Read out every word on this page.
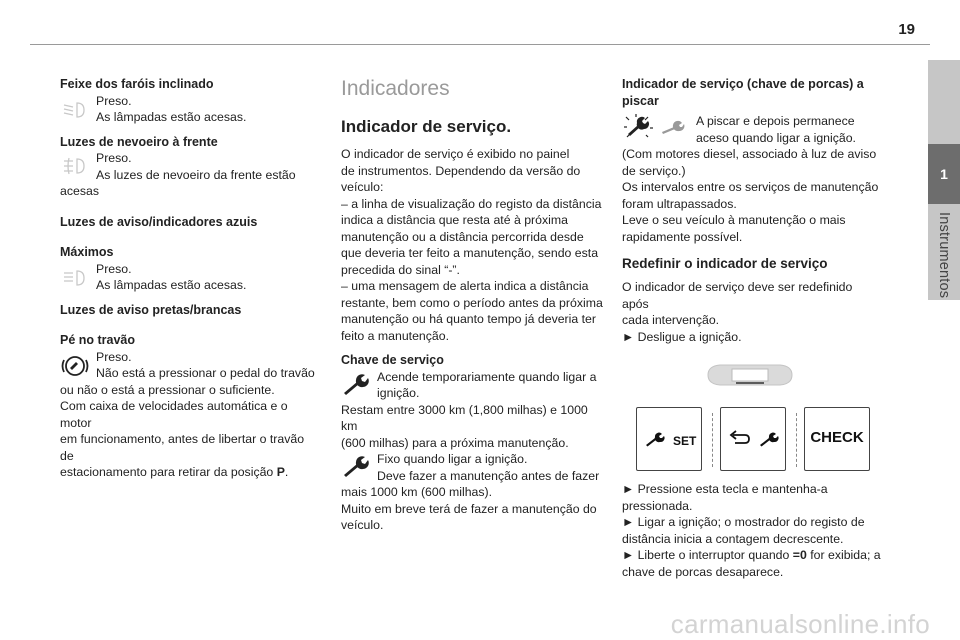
19
1
Instrumentos
Feixe dos faróis inclinado
Preso.
As lâmpadas estão acesas.
Luzes de nevoeiro à frente
Preso.
As luzes de nevoeiro da frente estão
acesas
Luzes de aviso/indicadores azuis
Máximos
Preso.
As lâmpadas estão acesas.
Luzes de aviso pretas/brancas
Pé no travão
Preso.
Não está a pressionar o pedal do travão
ou não o está a pressionar o suficiente.
Com caixa de velocidades automática e o motor
em funcionamento, antes de libertar o travão de
estacionamento para retirar da posição P.
Indicadores
Indicador de serviço.
O indicador de serviço é exibido no painel
de instrumentos. Dependendo da versão do
veículo:
– a linha de visualização do registo da distância
indica a distância que resta até à próxima
manutenção ou a distância percorrida desde
que deveria ter feito a manutenção, sendo esta
precedida do sinal “-”.
– uma mensagem de alerta indica a distância
restante, bem como o período antes da próxima
manutenção ou há quanto tempo já deveria ter
feito a manutenção.
Chave de serviço
Acende temporariamente quando ligar a
ignição.
Restam entre 3000 km (1,800 milhas) e 1000 km
(600 milhas) para a próxima manutenção.
Fixo quando ligar a ignição.
Deve fazer a manutenção antes de fazer
mais 1000 km (600 milhas).
Muito em breve terá de fazer a manutenção do
veículo.
Indicador de serviço (chave de porcas) a
piscar
A piscar e depois permanece
aceso quando ligar a ignição.
(Com motores diesel, associado à luz de aviso
de serviço.)
Os intervalos entre os serviços de manutenção
foram ultrapassados.
Leve o seu veículo à manutenção o mais
rapidamente possível.
Redefinir o indicador de serviço
O indicador de serviço deve ser redefinido após
cada intervenção.
► Desligue a ignição.
SET	CHECK
► Pressione esta tecla e mantenha-a
pressionada.
► Ligar a ignição; o mostrador do registo de
distância inicia a contagem decrescente.
► Liberte o interruptor quando =0 for exibida; a
chave de porcas desaparece.
carmanualsonline.info
